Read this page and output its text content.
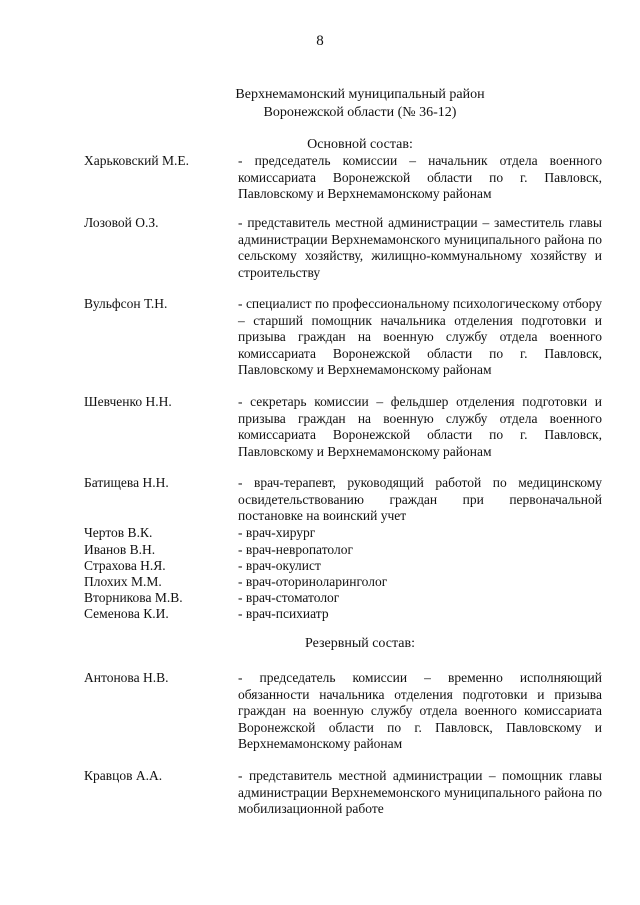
8
Верхнемамонский муниципальный район
Воронежской области (№ 36-12)
Основной состав:
Харьковский М.Е.	- председатель комиссии – начальник отдела военного комиссариата Воронежской области по г. Павловск, Павловскому и Верхнемамонскому районам
Лозовой О.З.	- представитель местной администрации – заместитель главы администрации Верхнемамонского муниципального района по сельскому хозяйству, жилищно-коммунальному хозяйству и строительству
Вульфсон Т.Н.	- специалист по профессиональному психологическому отбору – старший помощник начальника отделения подготовки и призыва граждан на военную службу отдела военного комиссариата Воронежской области по г. Павловск, Павловскому и Верхнемамонскому районам
Шевченко Н.Н.	- секретарь комиссии – фельдшер отделения подготовки и призыва граждан на военную службу отдела военного комиссариата Воронежской области по г. Павловск, Павловскому и Верхнемамонскому районам
Батищева Н.Н.	- врач-терапевт, руководящий работой по медицинскому освидетельствованию граждан при первоначальной постановке на воинский учет
Чертов В.К.	- врач-хирург
Иванов В.Н.	- врач-невропатолог
Страхова Н.Я.	- врач-окулист
Плохих М.М.	- врач-оториноларинголог
Вторникова М.В.	- врач-стоматолог
Семенова К.И.	- врач-психиатр
Резервный состав:
Антонова Н.В.	- председатель комиссии – временно исполняющий обязанности начальника отделения подготовки и призыва граждан на военную службу отдела военного комиссариата Воронежской области по г. Павловск, Павловскому и Верхнемамонскому районам
Кравцов А.А.	- представитель местной администрации – помощник главы администрации Верхнемемонского муниципального района по мобилизационной работе
